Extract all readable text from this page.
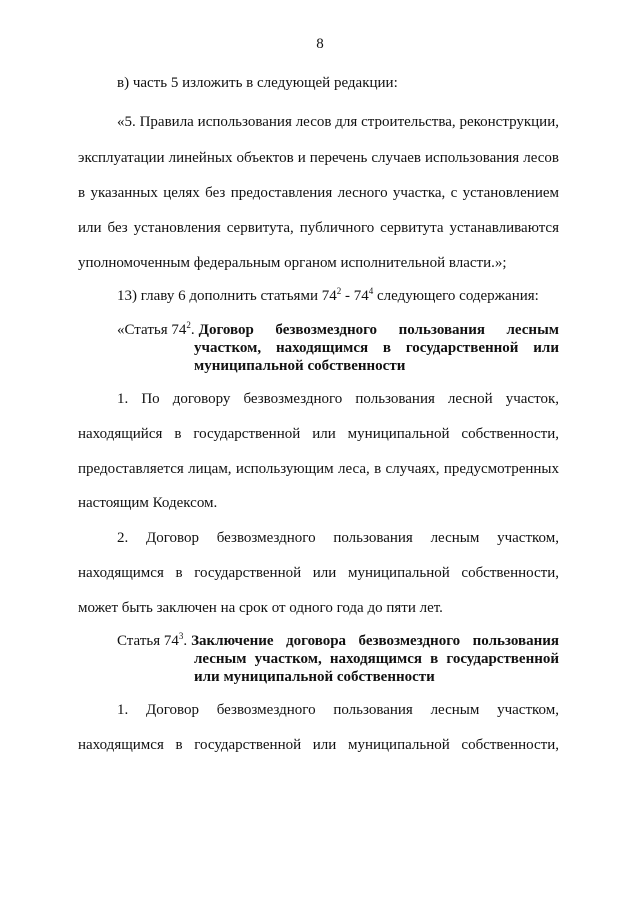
8
в) часть 5 изложить в следующей редакции:
«5. Правила использования лесов для строительства, реконструкции,
эксплуатации линейных объектов и перечень случаев использования лесов
в указанных целях без предоставления лесного участка, с установлением
или без установления сервитута, публичного сервитута устанавливаются
уполномоченным федеральным органом исполнительной власти.»;
13) главу 6 дополнить статьями $74^2 - 74^4$ следующего содержания:
«Статья $74^2$. Договор безвозмездного пользования лесным
участком, находящимся в государственной или
муниципальной собственности
1. По договору безвозмездного пользования лесной участок,
находящийся в государственной или муниципальной собственности,
предоставляется лицам, использующим леса, в случаях, предусмотренных
настоящим Кодексом.
2. Договор безвозмездного пользования лесным участком,
находящимся в государственной или муниципальной собственности,
может быть заключен на срок от одного года до пяти лет.
Статья $74^3$. Заключение договора безвозмездного пользования
лесным участком, находящимся в государственной
или муниципальной собственности
1. Договор безвозмездного пользования лесным участком,
находящимся в государственной или муниципальной собственности,
